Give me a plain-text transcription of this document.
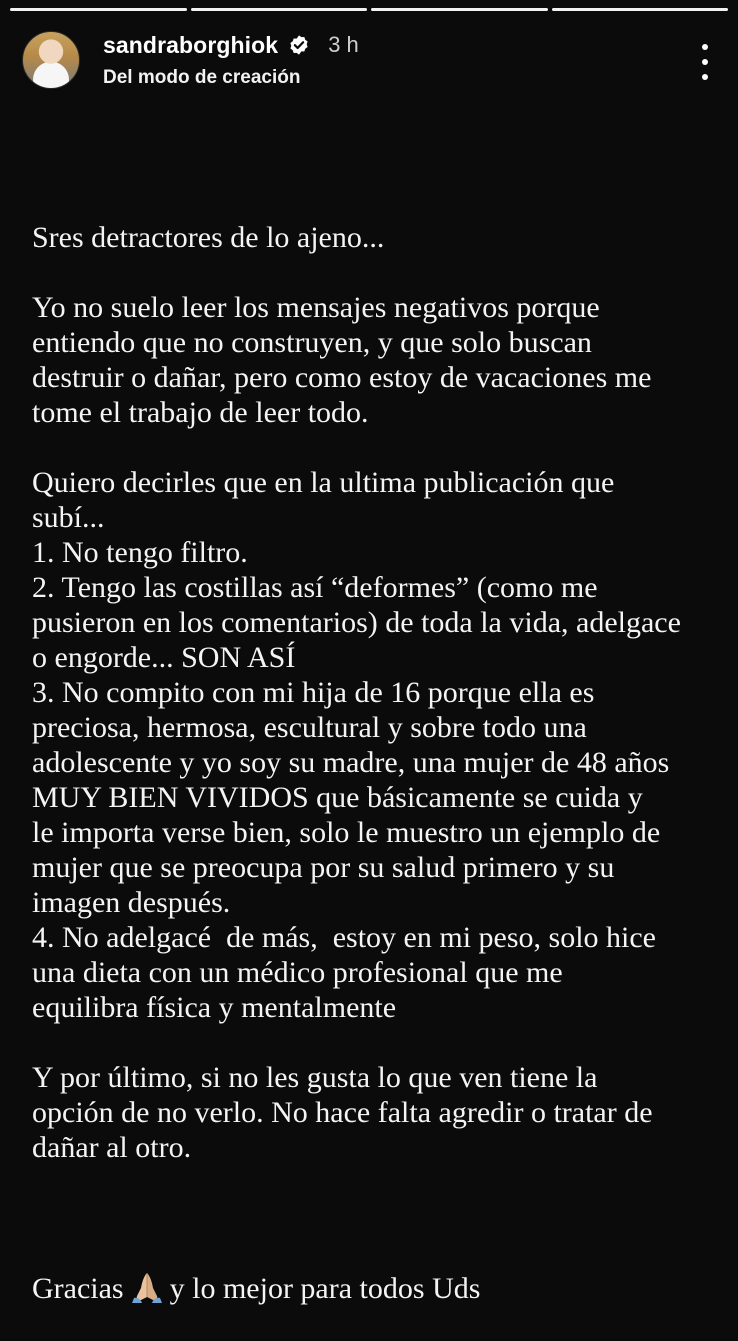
sandraborghiok 3 h
Del modo de creación

Sres detractores de lo ajeno...
Yo no suelo leer los mensajes negativos porque
entiendo que no construyen, y que solo buscan
destruir o dañar, pero como estoy de vacaciones me
tome el trabajo de leer todo.
Quiero decirles que en la ultima publicación que
subí...
1. No tengo filtro.
2. Tengo las costillas así “deformes” (como me
pusieron en los comentarios) de toda la vida, adelgace
o engorde... SON ASÍ
3. No compito con mi hija de 16 porque ella es
preciosa, hermosa, escultural y sobre todo una
adolescente y yo soy su madre, una mujer de 48 años
MUY BIEN VIVIDOS que básicamente se cuida y
le importa verse bien, solo le muestro un ejemplo de
mujer que se preocupa por su salud primero y su
imagen después.
4. No adelgacé  de más,  estoy en mi peso, solo hice
una dieta con un médico profesional que me
equilibra física y mentalmente
Y por último, si no les gusta lo que ven tiene la
opción de no verlo. No hace falta agredir o tratar de
dañar al otro.

Gracias y lo mejor para todos Uds
